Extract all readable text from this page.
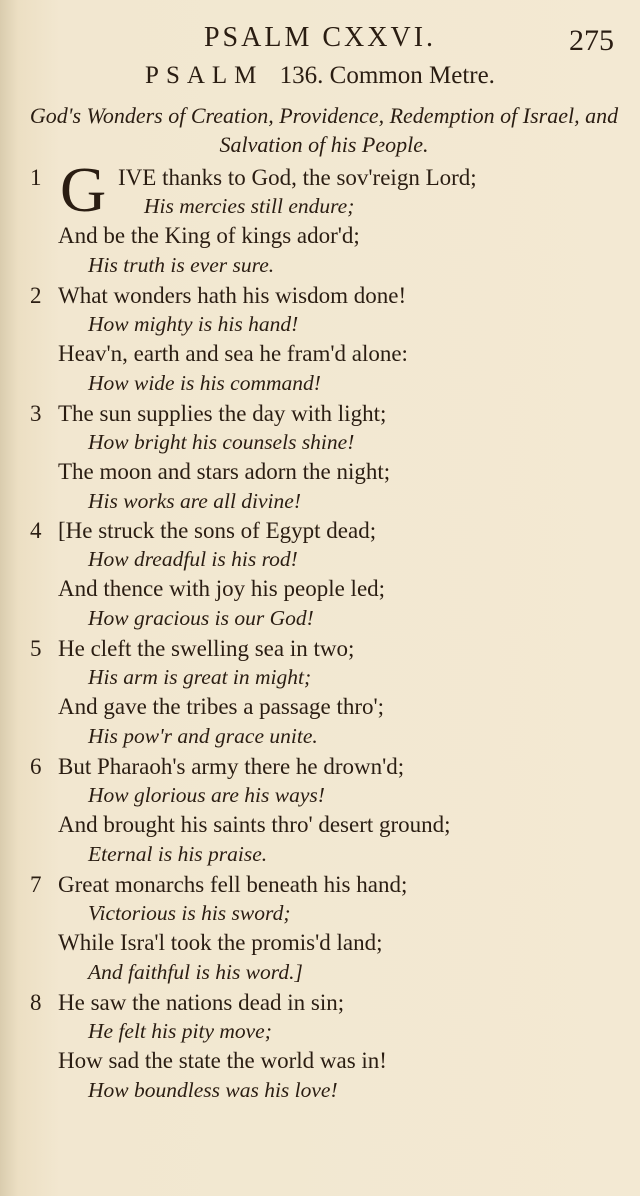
PSALM CXXVI.	275
PSALM 136. Common Metre.
God's Wonders of Creation, Providence, Redemption of Israel, and Salvation of his People.
1 G IVE thanks to God, the sov'reign Lord;
His mercies still endure;
And be the King of kings ador'd;
His truth is ever sure.
2 What wonders hath his wisdom done!
How mighty is his hand!
Heav'n, earth and sea he fram'd alone:
How wide is his command!
3 The sun supplies the day with light;
How bright his counsels shine!
The moon and stars adorn the night;
His works are all divine!
4 [He struck the sons of Egypt dead;
How dreadful is his rod!
And thence with joy his people led;
How gracious is our God!
5 He cleft the swelling sea in two;
His arm is great in might;
And gave the tribes a passage thro';
His pow'r and grace unite.
6 But Pharaoh's army there he drown'd;
How glorious are his ways!
And brought his saints thro' desert ground;
Eternal is his praise.
7 Great monarchs fell beneath his hand;
Victorious is his sword;
While Isra'l took the promis'd land;
And faithful is his word.]
8 He saw the nations dead in sin;
He felt his pity move;
How sad the state the world was in!
How boundless was his love!
